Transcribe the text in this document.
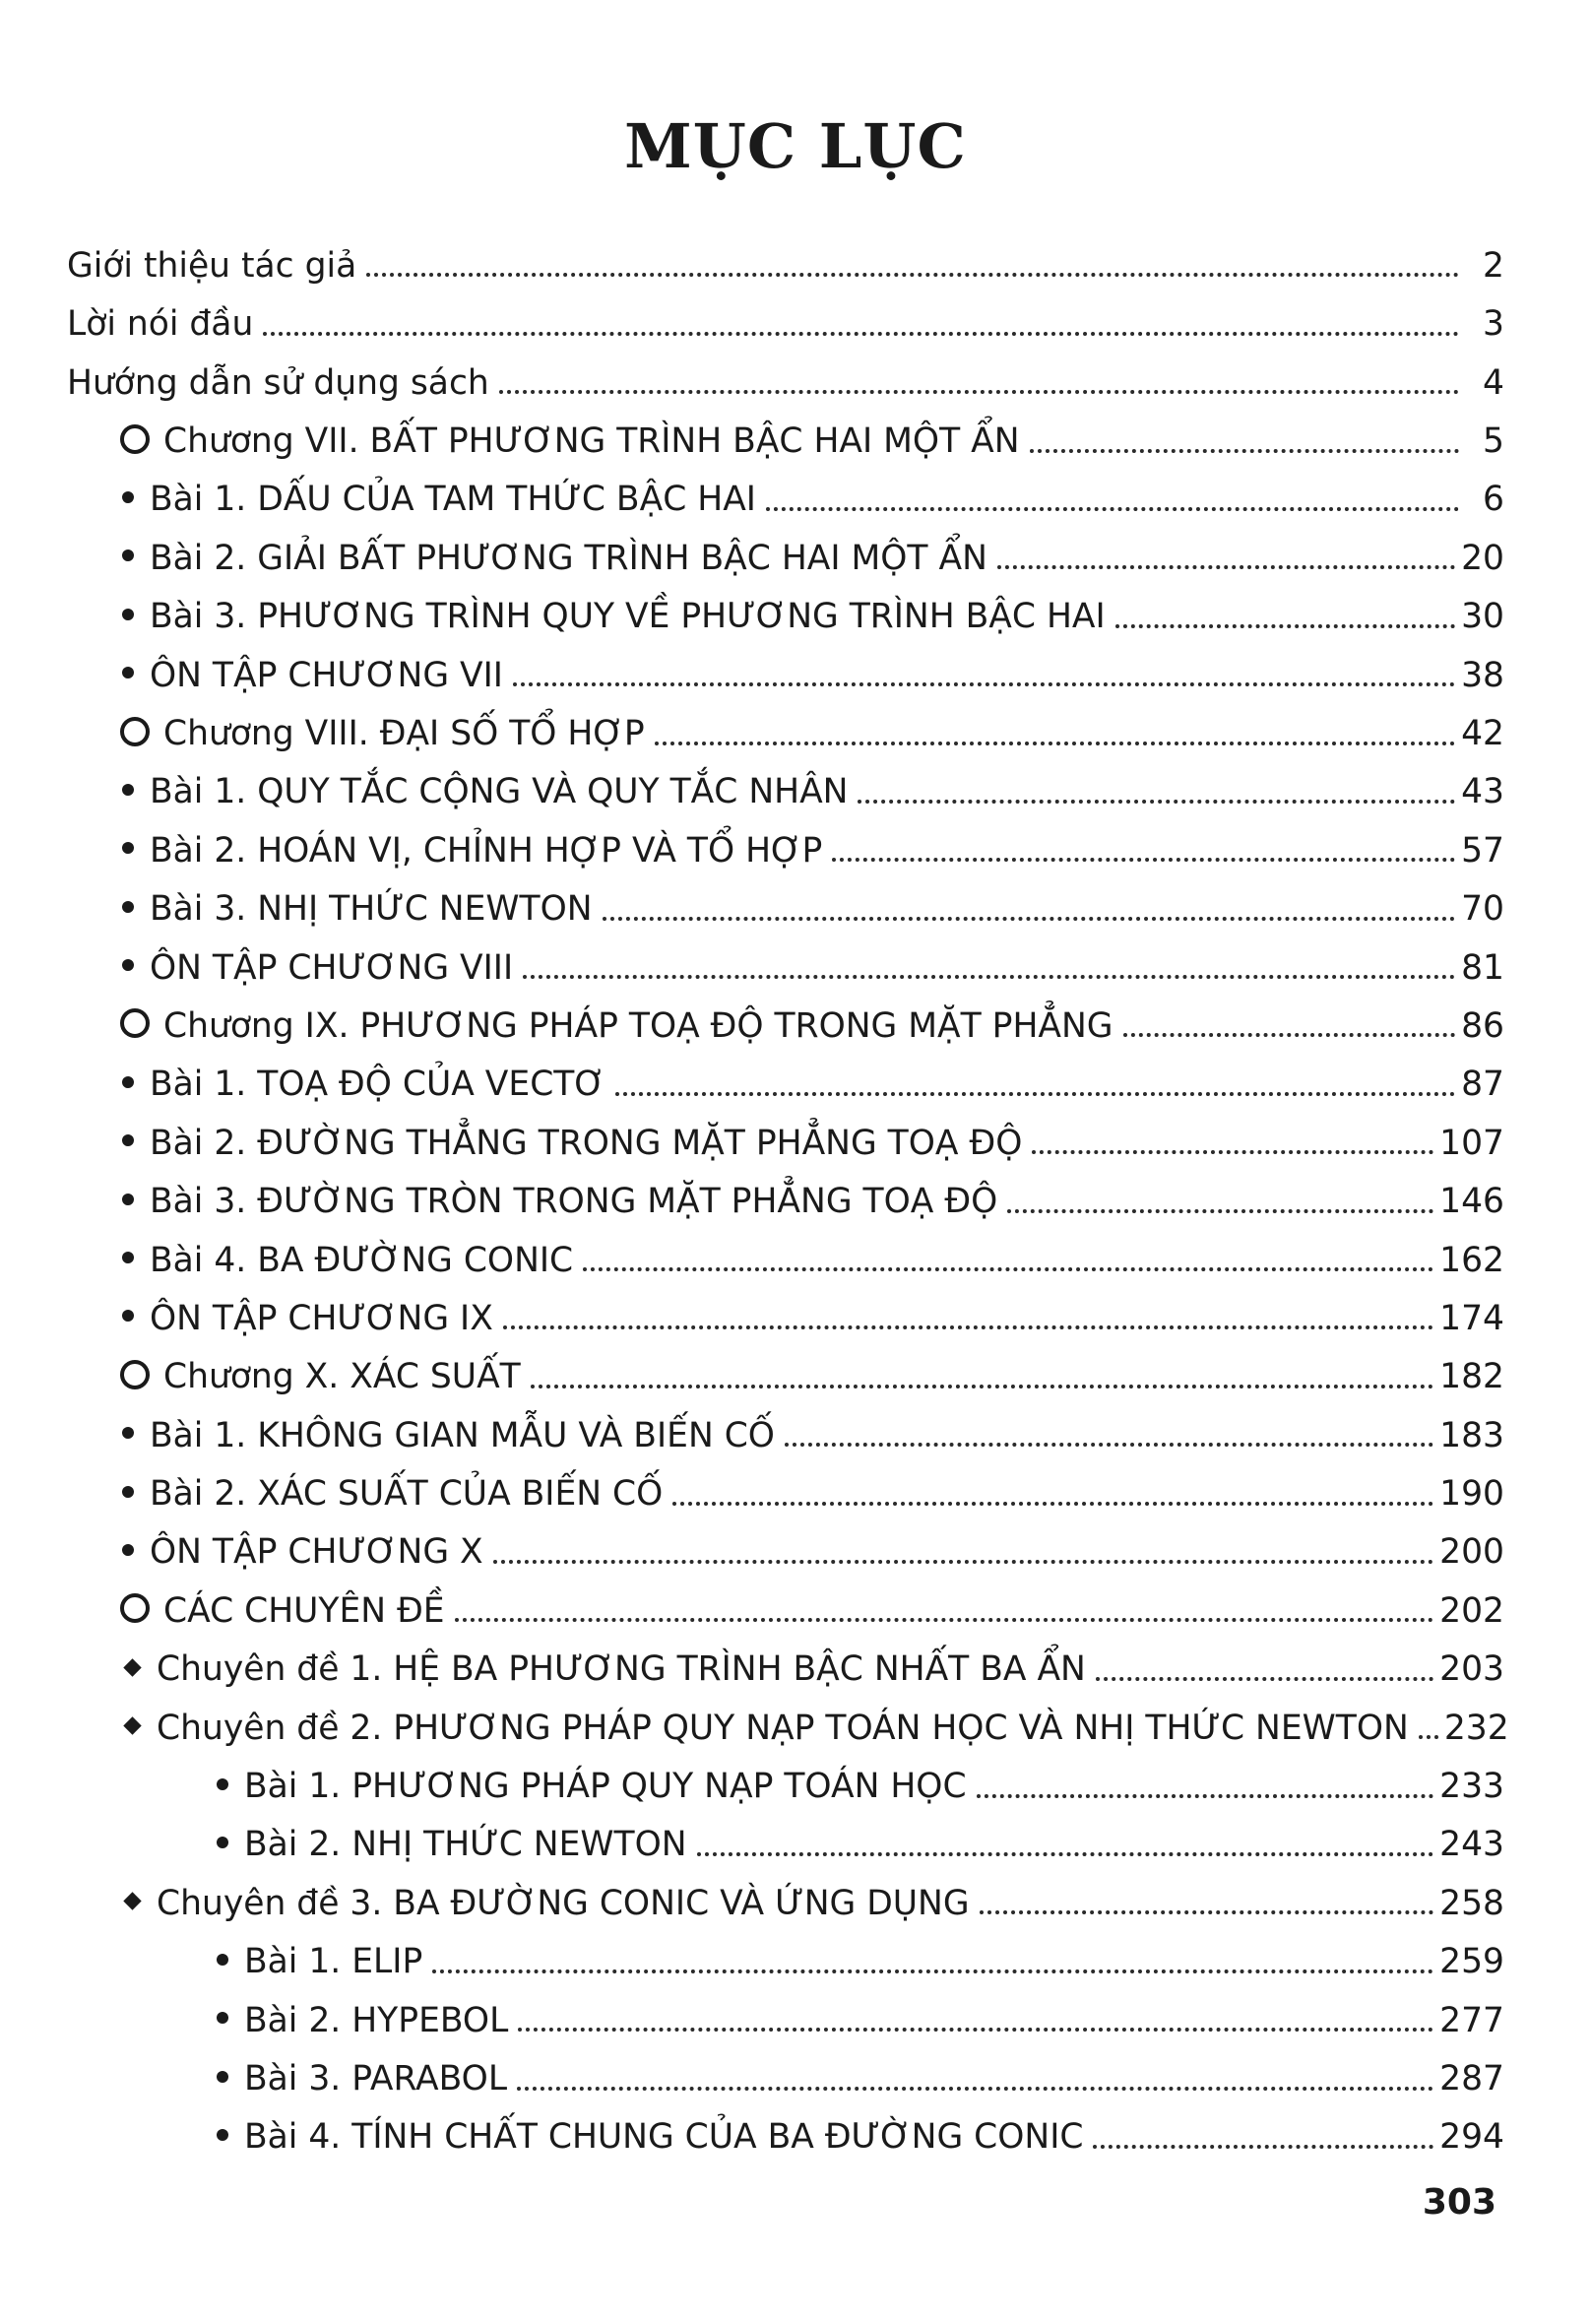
MỤC LỤC
Giới thiệu tác giả	2
Lời nói đầu	3
Hướng dẫn sử dụng sách	4
Chương VII. BẤT PHƯƠNG TRÌNH BẬC HAI MỘT ẨN	5
Bài 1. DẤU CỦA TAM THỨC BẬC HAI	6
Bài 2. GIẢI BẤT PHƯƠNG TRÌNH BẬC HAI MỘT ẨN	20
Bài 3. PHƯƠNG TRÌNH QUY VỀ PHƯƠNG TRÌNH BẬC HAI	30
ÔN TẬP CHƯƠNG VII	38
Chương VIII. ĐẠI SỐ TỔ HỢP	42
Bài 1. QUY TẮC CỘNG VÀ QUY TẮC NHÂN	43
Bài 2. HOÁN VỊ, CHỈNH HỢP VÀ TỔ HỢP	57
Bài 3. NHỊ THỨC NEWTON	70
ÔN TẬP CHƯƠNG VIII	81
Chương IX. PHƯƠNG PHÁP TOẠ ĐỘ TRONG MẶT PHẲNG	86
Bài 1. TOẠ ĐỘ CỦA VECTƠ	87
Bài 2. ĐƯỜNG THẲNG TRONG MẶT PHẲNG TOẠ ĐỘ	107
Bài 3. ĐƯỜNG TRÒN TRONG MẶT PHẲNG TOẠ ĐỘ	146
Bài 4. BA ĐƯỜNG CONIC	162
ÔN TẬP CHƯƠNG IX	174
Chương X. XÁC SUẤT	182
Bài 1. KHÔNG GIAN MẪU VÀ BIẾN CỐ	183
Bài 2. XÁC SUẤT CỦA BIẾN CỐ	190
ÔN TẬP CHƯƠNG X	200
CÁC CHUYÊN ĐỀ	202
Chuyên đề 1. HỆ BA PHƯƠNG TRÌNH BẬC NHẤT BA ẨN	203
Chuyên đề 2. PHƯƠNG PHÁP QUY NẠP TOÁN HỌC VÀ NHỊ THỨC NEWTON 232
Bài 1. PHƯƠNG PHÁP QUY NẠP TOÁN HỌC	233
Bài 2. NHỊ THỨC NEWTON	243
Chuyên đề 3. BA ĐƯỜNG CONIC VÀ ỨNG DỤNG	258
Bài 1. ELIP	259
Bài 2. HYPEBOL	277
Bài 3. PARABOL	287
Bài 4. TÍNH CHẤT CHUNG CỦA BA ĐƯỜNG CONIC	294
303
